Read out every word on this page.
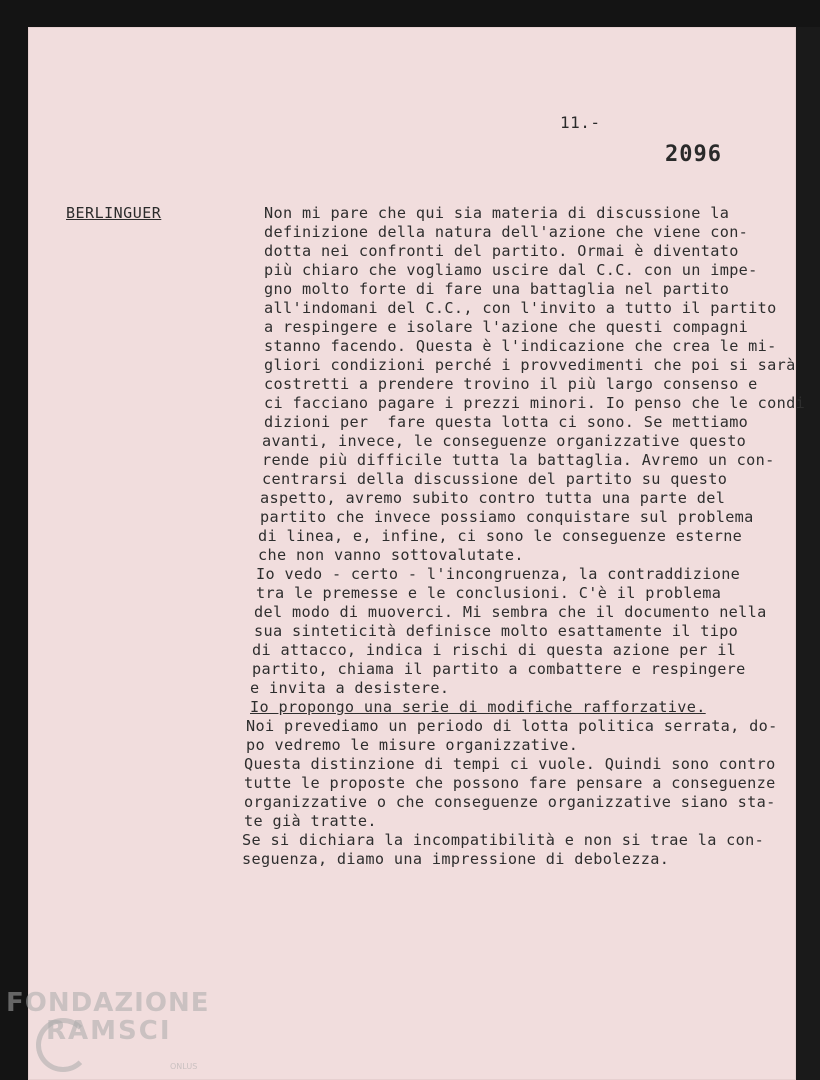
11.-
2096
BERLINGUER	Non mi pare che qui sia materia di discussione la
definizione della natura dell'azione che viene con-
dotta nei confronti del partito. Ormai è diventato
più chiaro che vogliamo uscire dal C.C. con un impe-
gno molto forte di fare una battaglia nel partito
all'indomani del C.C., con l'invito a tutto il partito
a respingere e isolare l'azione che questi compagni
stanno facendo. Questa è l'indicazione che crea le mi-
gliori condizioni perché i provvedimenti che poi si sarà
costretti a prendere trovino il più largo consenso e
ci facciano pagare i prezzi minori. Io penso che le condi
dizioni per  fare questa lotta ci sono. Se mettiamo
avanti, invece, le conseguenze organizzative questo
rende più difficile tutta la battaglia. Avremo un con-
centrarsi della discussione del partito su questo
aspetto, avremo subito contro tutta una parte del
partito che invece possiamo conquistare sul problema
di linea, e, infine, ci sono le conseguenze esterne
che non vanno sottovalutate.
Io vedo - certo - l'incongruenza, la contraddizione
tra le premesse e le conclusioni. C'è il problema
del modo di muoverci. Mi sembra che il documento nella
sua sinteticità definisce molto esattamente il tipo
di attacco, indica i rischi di questa azione per il
partito, chiama il partito a combattere e respingere
e invita a desistere.
Io propongo una serie di modifiche rafforzative.
Noi prevediamo un periodo di lotta politica serrata, do-
po vedremo le misure organizzative.
Questa distinzione di tempi ci vuole. Quindi sono contro
tutte le proposte che possono fare pensare a conseguenze
organizzative o che conseguenze organizzative siano sta-
te già tratte.
Se si dichiara la incompatibilità e non si trae la con-
seguenza, diamo una impressione di debolezza.
FONDAZIONE
RAMSCI
ONLUS
